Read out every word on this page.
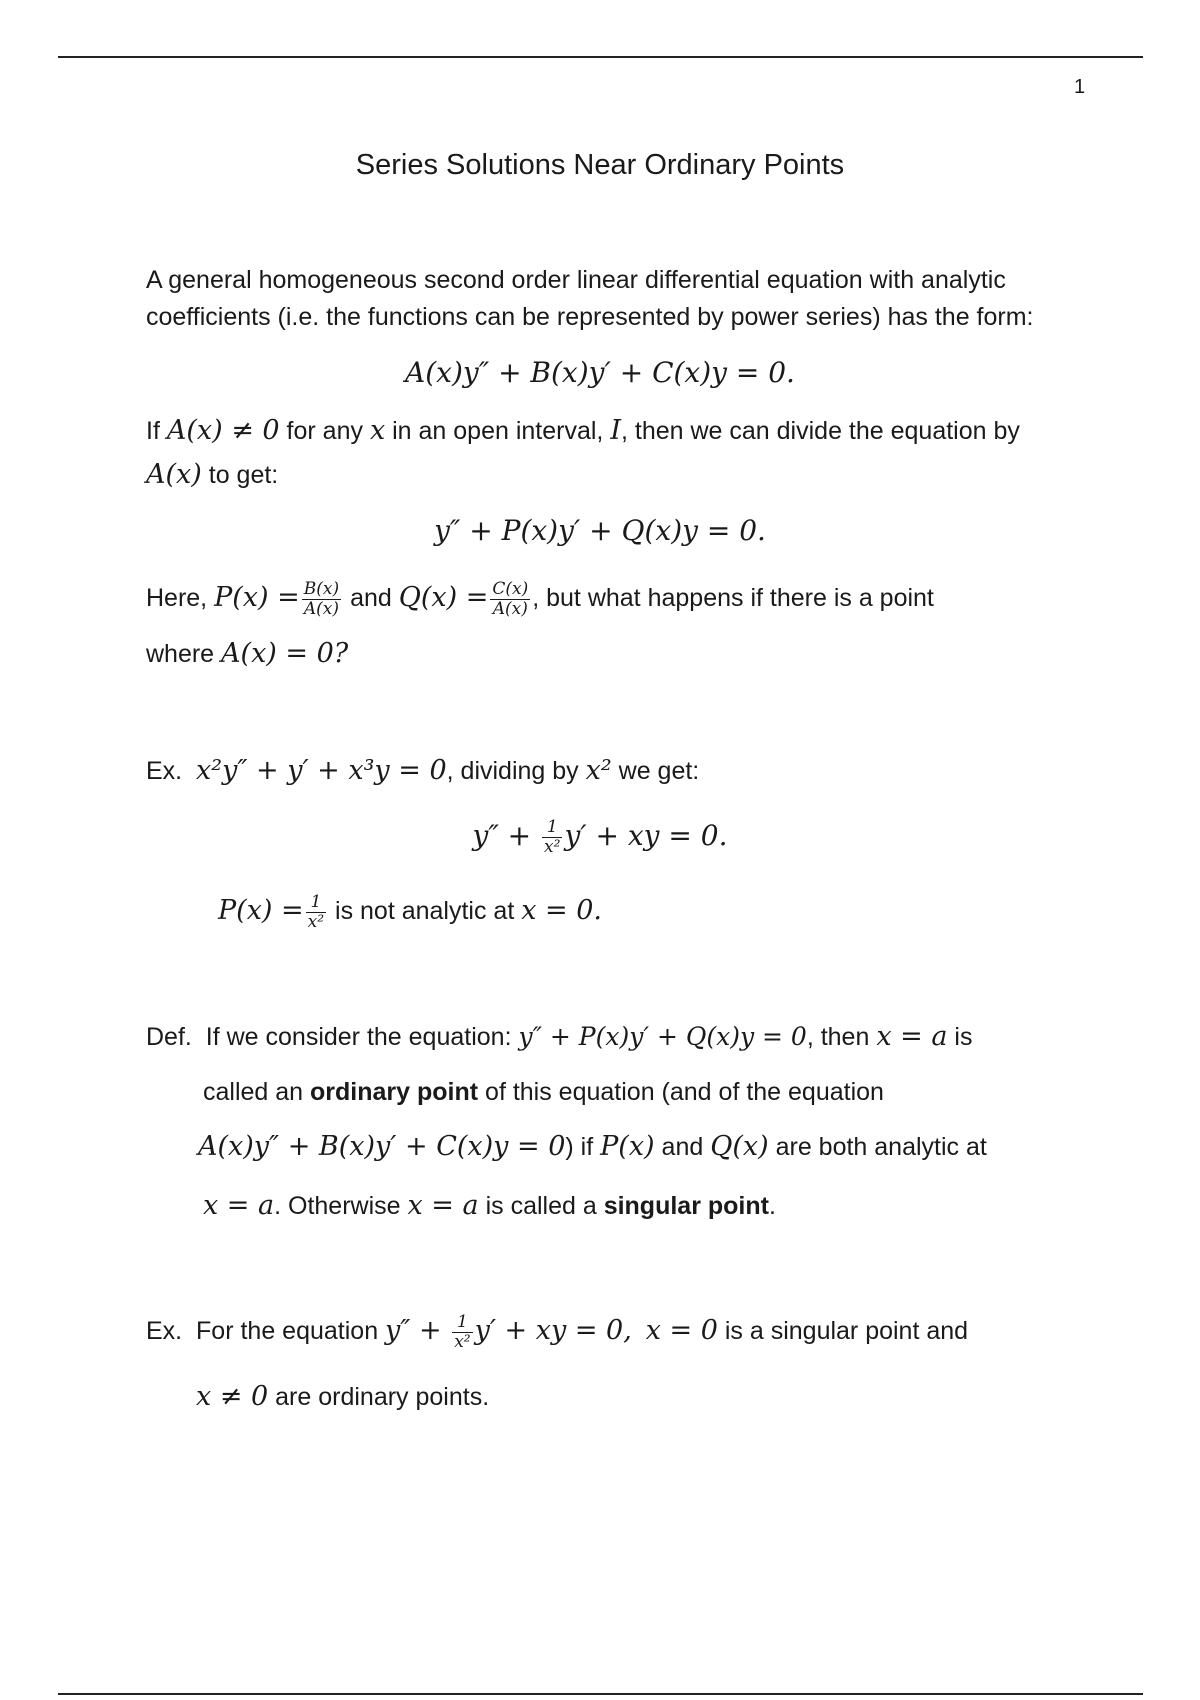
1
Series Solutions Near Ordinary Points
A general homogeneous second order linear differential equation with analytic
coefficients (i.e. the functions can be represented by power series) has the form:
A(x)y″ + B(x)y′ + C(x)y = 0.
If A(x) ≠ 0 for any x in an open interval, I, then we can divide the equation by
A(x) to get:
y″ + P(x)y′ + Q(x)y = 0.
Here, $P(x) = \frac{B(x)}{A(x)}$ and $Q(x) = \frac{C(x)}{A(x)}$ , but what happens if there is a point
where A(x) = 0?
Ex. x²y″ + y′ + x³y = 0, dividing by x² we get:
$y'' + \frac{1}{\text{x²}} y'$ + xy = 0.
$P(x) = \frac{1}{\text{x²}}$ is not analytic at x = 0.
Def. If we consider the equation: y″ + P(x)y′ + Q(x)y = 0, then x = a is
called an ordinary point of this equation (and of the equation
A(x)y″ + B(x)y′ + C(x)y = 0) if P(x) and Q(x) are both analytic at
x = a. Otherwise x = a is called a singular point.
Ex. For the equation $y'' + \frac{1}{\text{x²}} y'$ + xy = 0, x = 0 is a singular point and
x ≠ 0 are ordinary points.
